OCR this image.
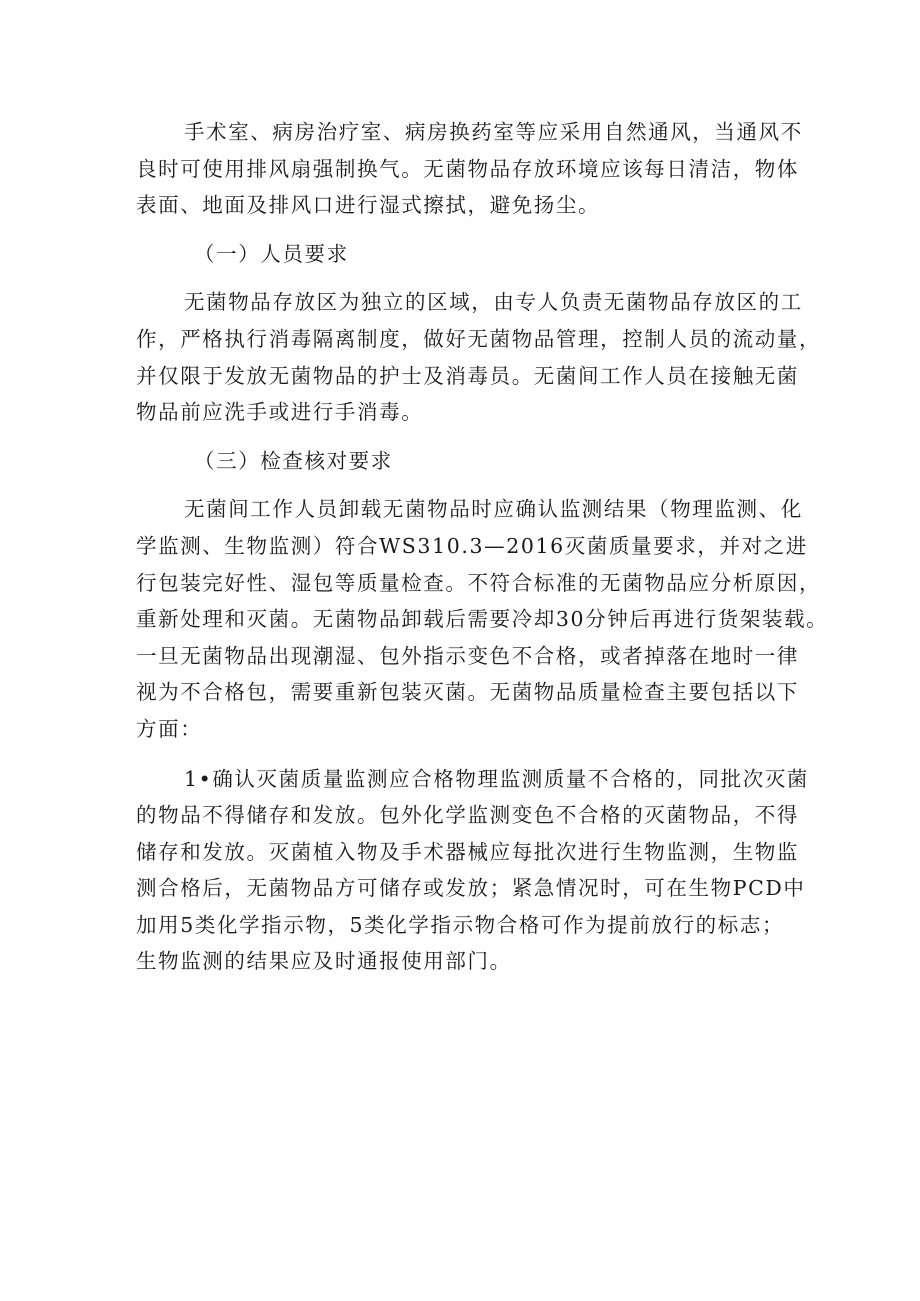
手术室、病房治疗室、病房换药室等应采用自然通风，当通风不
良时可使用排风扇强制换气。无菌物品存放环境应该每日清洁，物体
表面、地面及排风口进行湿式擦拭，避免扬尘。

（一）人员要求

无菌物品存放区为独立的区域，由专人负责无菌物品存放区的工
作，严格执行消毒隔离制度，做好无菌物品管理，控制人员的流动量，
并仅限于发放无菌物品的护士及消毒员。无菌间工作人员在接触无菌
物品前应洗手或进行手消毒。

（三）检查核对要求

无菌间工作人员卸载无菌物品时应确认监测结果（物理监测、化
学监测、生物监测）符合WS310.3—2016灭菌质量要求，并对之进
行包装完好性、湿包等质量检查。不符合标准的无菌物品应分析原因，
重新处理和灭菌。无菌物品卸载后需要冷却30分钟后再进行货架装载。
一旦无菌物品出现潮湿、包外指示变色不合格，或者掉落在地时一律
视为不合格包，需要重新包装灭菌。无菌物品质量检查主要包括以下
方面：

1•确认灭菌质量监测应合格物理监测质量不合格的，同批次灭菌
的物品不得储存和发放。包外化学监测变色不合格的灭菌物品，不得
储存和发放。灭菌植入物及手术器械应每批次进行生物监测，生物监
测合格后，无菌物品方可储存或发放；紧急情况时，可在生物PCD中
加用5类化学指示物，5类化学指示物合格可作为提前放行的标志；
生物监测的结果应及时通报使用部门。
